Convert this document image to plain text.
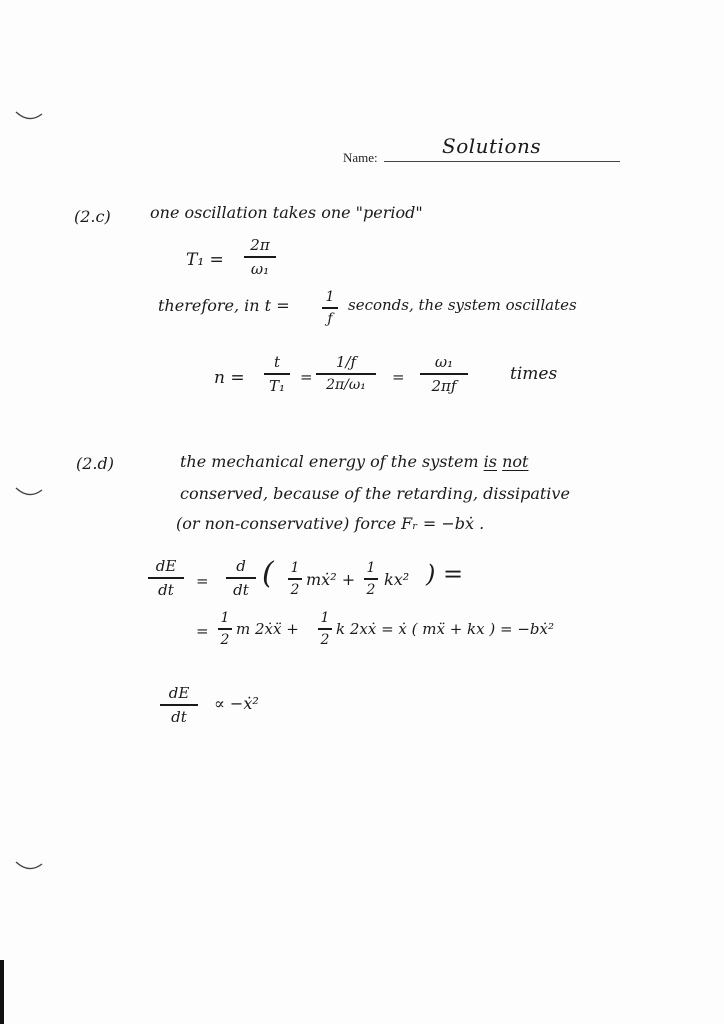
Name:	Solutions
(2.c) one oscillation takes one "period"
T₁ =
2π
ω₁
therefore, in t =	1
ƒ
seconds, the system oscillates
n =
t
T₁ =
1/ƒ
2π/ω₁	=
ω₁
2πƒ
times
(2.d)	the mechanical energy of the system is not
conserved, because of the retarding, dissipative
(or non-conservative) force Fᵣ = −bẋ .
dE
dt	=
d
dt ( 1
2
mẋ² +
1
2
kx² ) =
=
1
2
m 2ẋẍ +
1
2
k 2xẋ = ẋ ( mẍ + kx ) = −bẋ²
dE
dt
∝ −ẋ²
